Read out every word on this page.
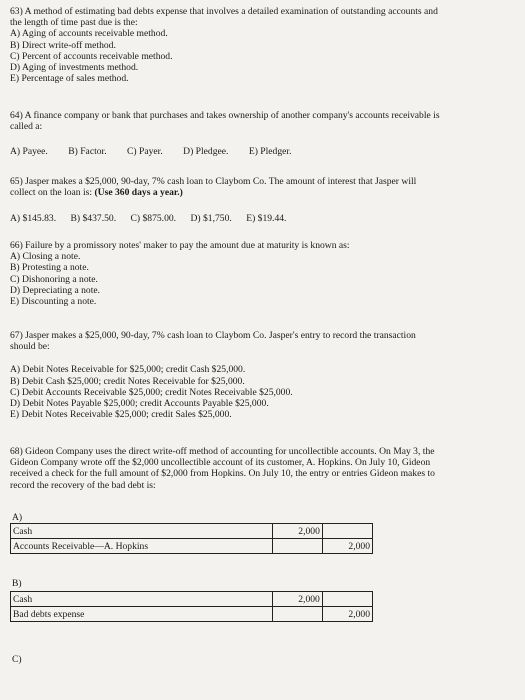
63) A method of estimating bad debts expense that involves a detailed examination of outstanding accounts and
the length of time past due is the:
A) Aging of accounts receivable method.
B) Direct write-off method.
C) Percent of accounts receivable method.
D) Aging of investments method.
E) Percentage of sales method.
64) A finance company or bank that purchases and takes ownership of another company's accounts receivable is
called a:
A) Payee. B) Factor. C) Payer. D) Pledgee. E) Pledger.
65) Jasper makes a $25,000, 90-day, 7% cash loan to Claybom Co. The amount of interest that Jasper will
collect on the loan is: (Use 360 days a year.)
A) $145.83. B) $437.50. C) $875.00. D) $1,750. E) $19.44.
66) Failure by a promissory notes' maker to pay the amount due at maturity is known as:
A) Closing a note.
B) Protesting a note.
C) Dishonoring a note.
D) Depreciating a note.
E) Discounting a note.
67) Jasper makes a $25,000, 90-day, 7% cash loan to Claybom Co. Jasper's entry to record the transaction
should be:
A) Debit Notes Receivable for $25,000; credit Cash $25,000.
B) Debit Cash $25,000; credit Notes Receivable for $25,000.
C) Debit Accounts Receivable $25,000; credit Notes Receivable $25,000.
D) Debit Notes Payable $25,000; credit Accounts Payable $25,000.
E) Debit Notes Receivable $25,000; credit Sales $25,000.
68) Gideon Company uses the direct write-off method of accounting for uncollectible accounts. On May 3, the
Gideon Company wrote off the $2,000 uncollectible account of its customer, A. Hopkins. On July 10, Gideon
received a check for the full amount of $2,000 from Hopkins. On July 10, the entry or entries Gideon makes to
record the recovery of the bad debt is:
A)
Cash	2,000	
Accounts Receivable—A. Hopkins		2,000
B)
Cash	2,000	
Bad debts expense		2,000
C)
